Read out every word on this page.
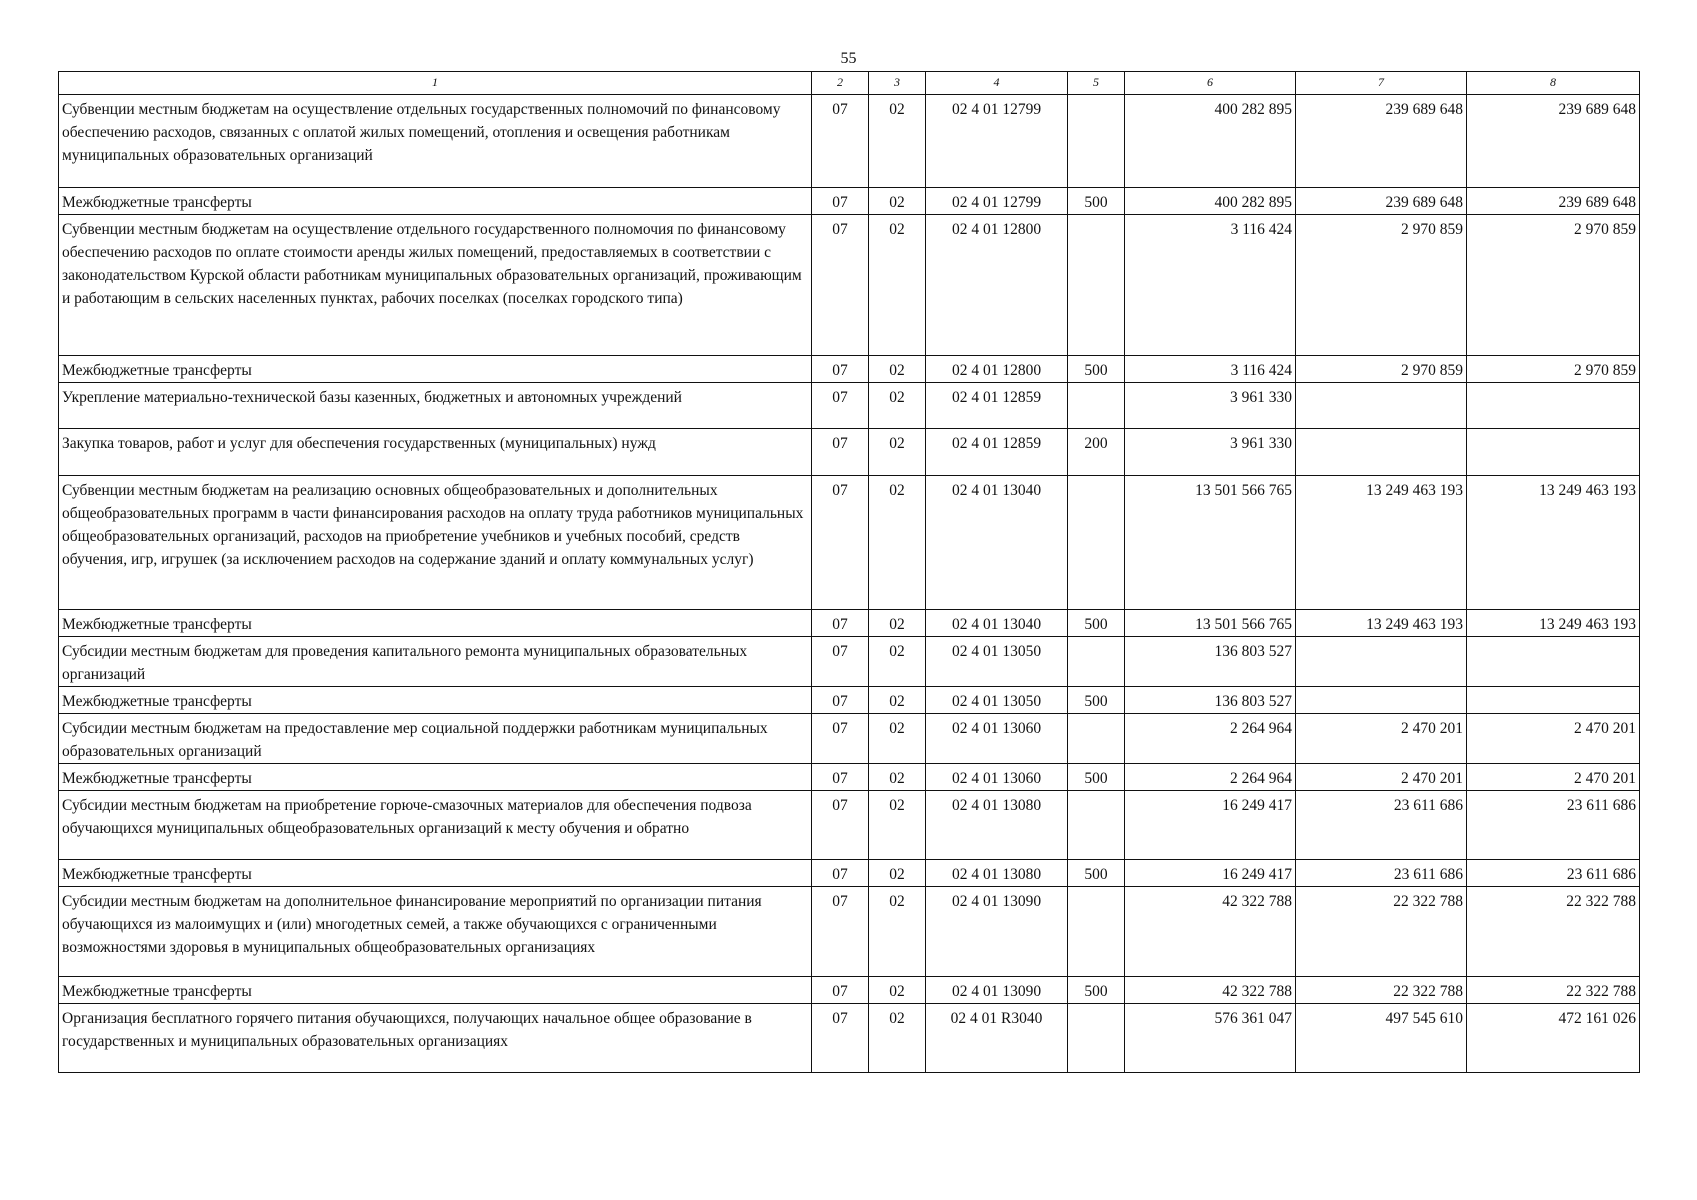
55
1	2	3	4	5	6	7	8
Субвенции местным бюджетам на осуществление отдельных государственных полномочий по финансовому обеспечению расходов, связанных с оплатой жилых помещений, отопления и освещения работникам муниципальных образовательных организаций	07	02	02 4 01 12799		400 282 895	239 689 648	239 689 648
Межбюджетные трансферты	07	02	02 4 01 12799	500	400 282 895	239 689 648	239 689 648
Субвенции местным бюджетам на осуществление отдельного государственного полномочия по финансовому обеспечению расходов по оплате стоимости аренды жилых помещений, предоставляемых в соответствии с законодательством Курской области работникам муниципальных образовательных организаций, проживающим и работающим в сельских населенных пунктах, рабочих поселках (поселках городского типа)	07	02	02 4 01 12800		3 116 424	2 970 859	2 970 859
Межбюджетные трансферты	07	02	02 4 01 12800	500	3 116 424	2 970 859	2 970 859
Укрепление материально-технической базы казенных, бюджетных и автономных учреждений	07	02	02 4 01 12859		3 961 330		
Закупка товаров, работ и услуг для обеспечения государственных (муниципальных) нужд	07	02	02 4 01 12859	200	3 961 330		
Субвенции местным бюджетам на реализацию основных общеобразовательных и дополнительных общеобразовательных программ в части финансирования расходов на оплату труда работников муниципальных общеобразовательных организаций, расходов на приобретение учебников и учебных пособий, средств обучения, игр, игрушек (за исключением расходов на содержание зданий и оплату коммунальных услуг)	07	02	02 4 01 13040		13 501 566 765	13 249 463 193	13 249 463 193
Межбюджетные трансферты	07	02	02 4 01 13040	500	13 501 566 765	13 249 463 193	13 249 463 193
Субсидии местным бюджетам для проведения капитального ремонта муниципальных образовательных организаций	07	02	02 4 01 13050		136 803 527		
Межбюджетные трансферты	07	02	02 4 01 13050	500	136 803 527		
Субсидии местным бюджетам на предоставление мер социальной поддержки работникам муниципальных образовательных организаций	07	02	02 4 01 13060		2 264 964	2 470 201	2 470 201
Межбюджетные трансферты	07	02	02 4 01 13060	500	2 264 964	2 470 201	2 470 201
Субсидии местным бюджетам на приобретение горюче-смазочных материалов для обеспечения подвоза обучающихся муниципальных общеобразовательных организаций к месту обучения и обратно	07	02	02 4 01 13080		16 249 417	23 611 686	23 611 686
Межбюджетные трансферты	07	02	02 4 01 13080	500	16 249 417	23 611 686	23 611 686
Субсидии местным бюджетам на дополнительное финансирование мероприятий по организации питания обучающихся из малоимущих и (или) многодетных семей, а также обучающихся с ограниченными возможностями здоровья в муниципальных общеобразовательных организациях	07	02	02 4 01 13090		42 322 788	22 322 788	22 322 788
Межбюджетные трансферты	07	02	02 4 01 13090	500	42 322 788	22 322 788	22 322 788
Организация бесплатного горячего питания обучающихся, получающих начальное общее образование в государственных и муниципальных образовательных организациях	07	02	02 4 01 R3040		576 361 047	497 545 610	472 161 026
